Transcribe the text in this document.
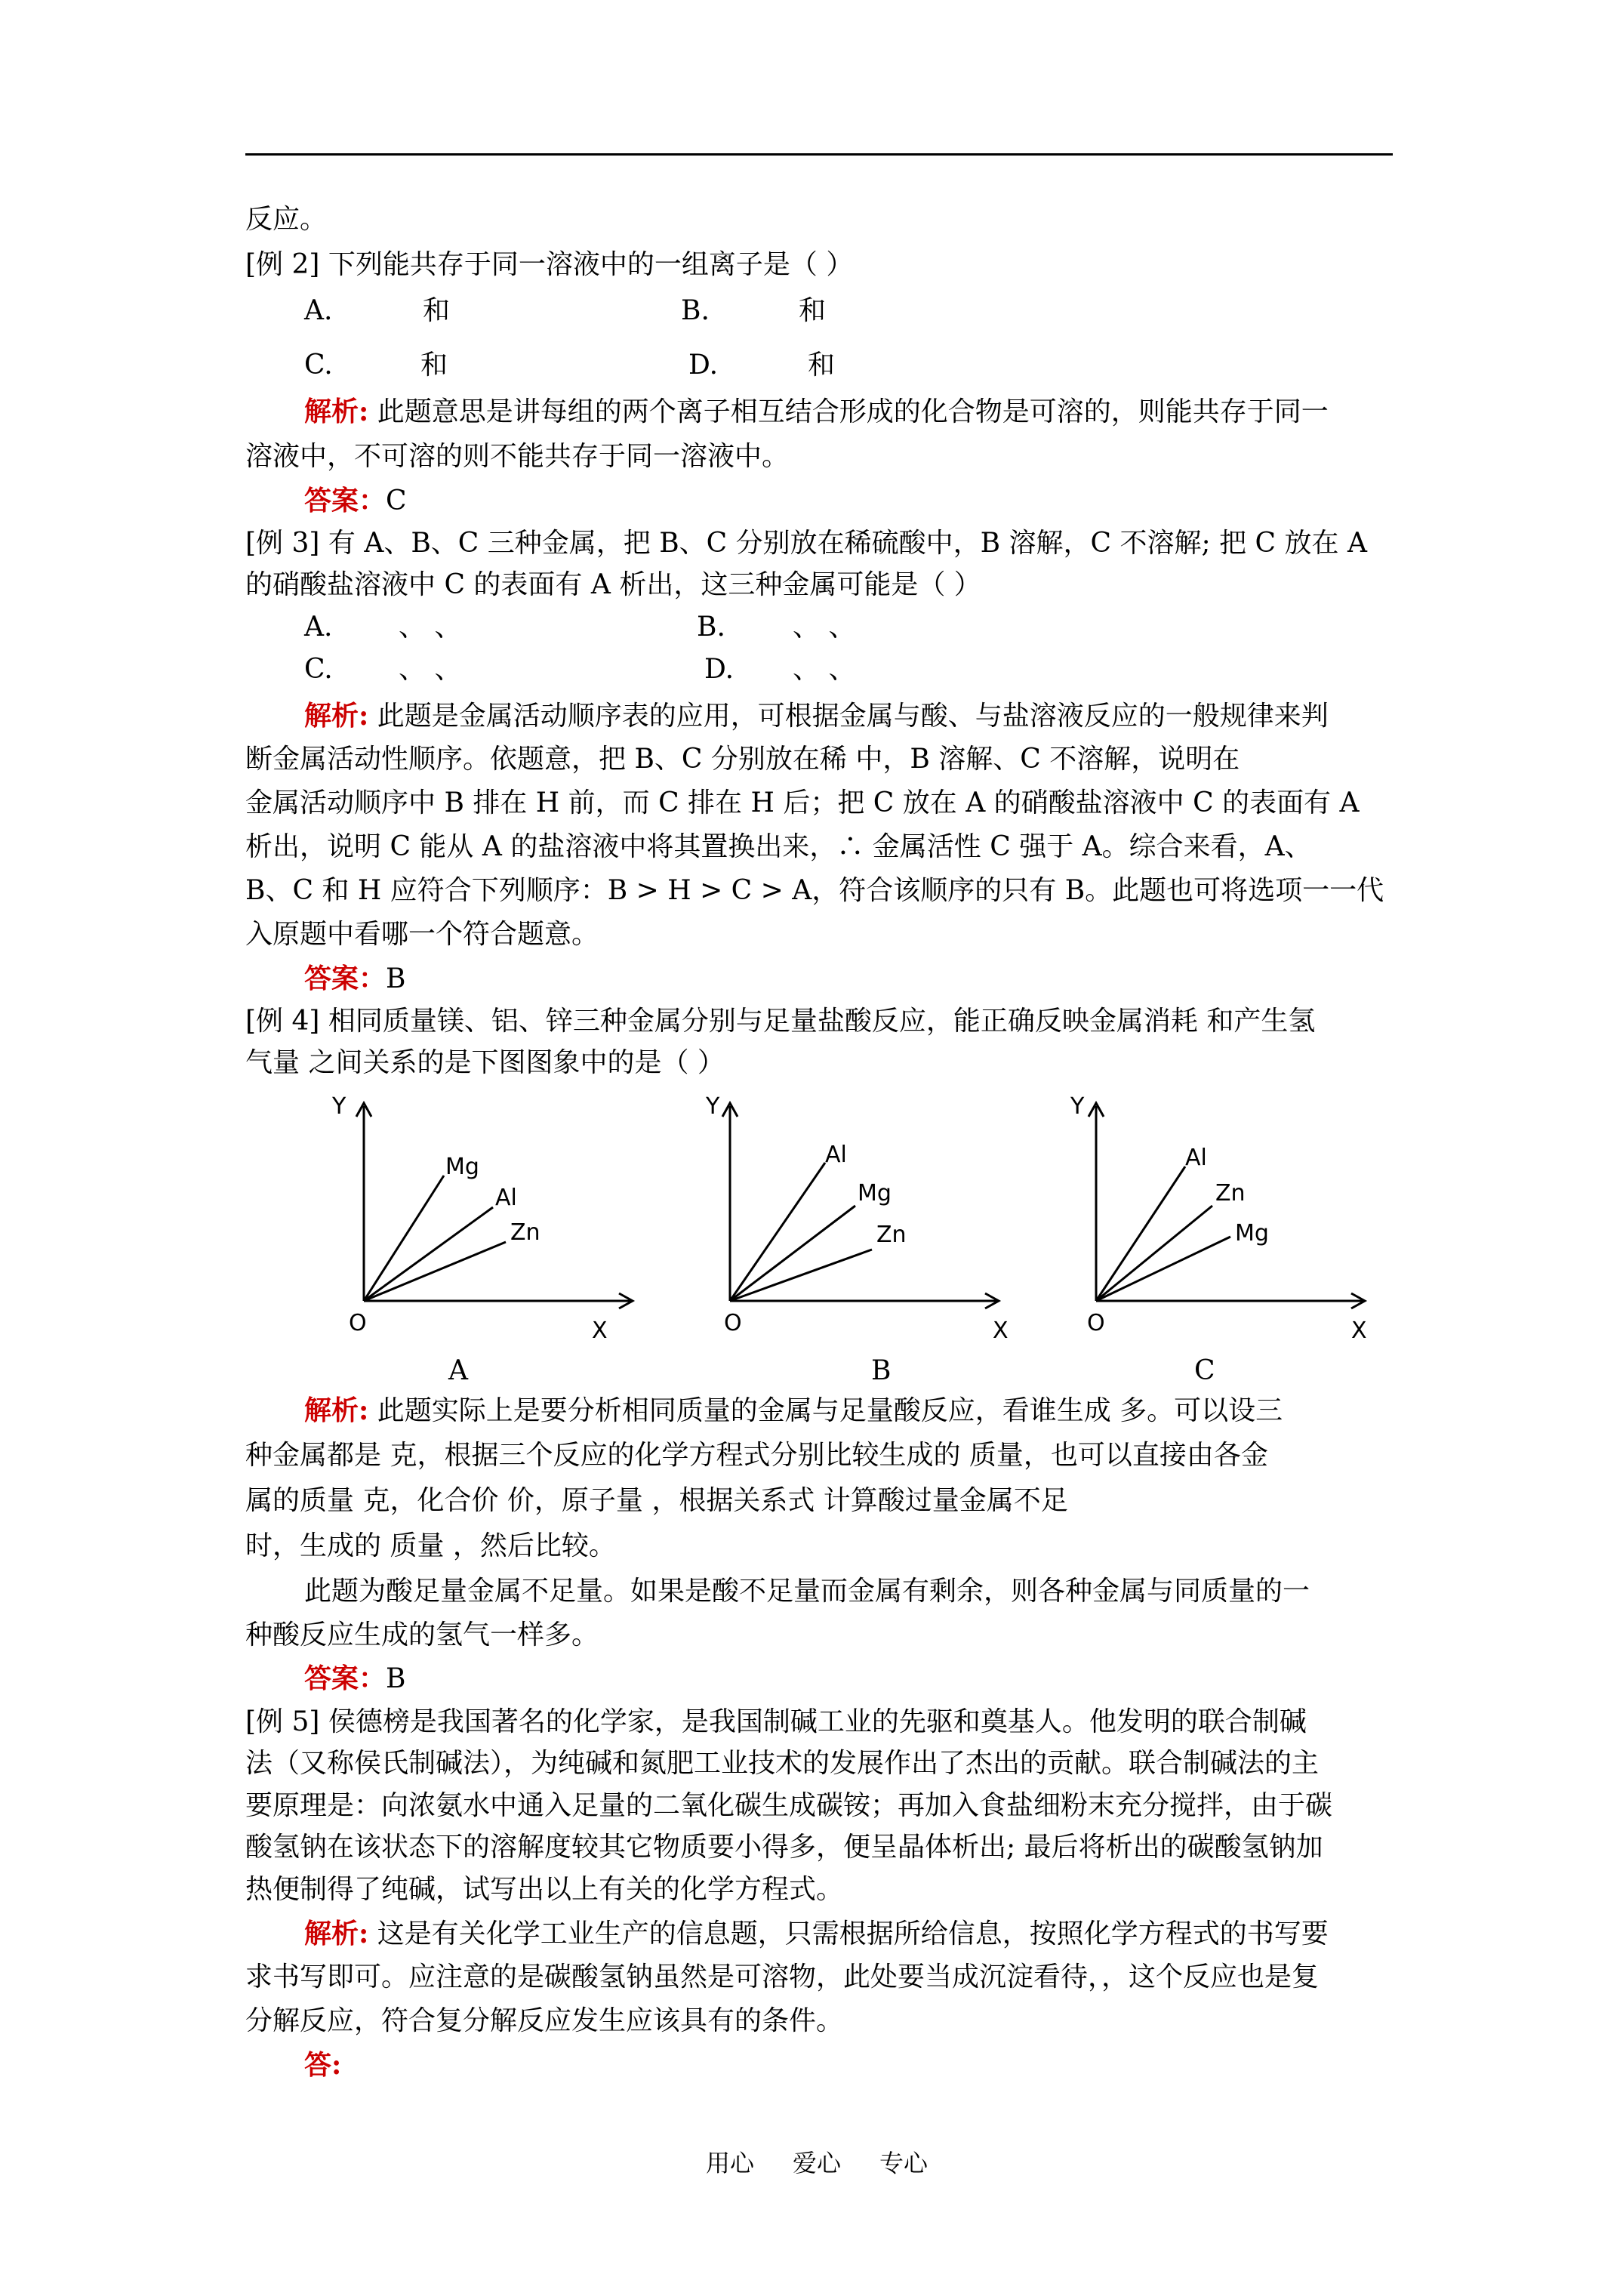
反应。
[例 2] 下列能共存于同一溶液中的一组离子是（ ）
A.	和	B.	和
C.	和	D.	和
解析: 此题意思是讲每组的两个离子相互结合形成的化合物是可溶的，则能共存于同一
溶液中，不可溶的则不能共存于同一溶液中。
答案：C
[例 3] 有 A、B、C 三种金属，把 B、C 分别放在稀硫酸中，B 溶解，C 不溶解; 把 C 放在 A
的硝酸盐溶液中 C 的表面有 A 析出，这三种金属可能是（ ）
A. 、 、	B. 、 、
C. 、 、	D. 、 、
解析: 此题是金属活动顺序表的应用，可根据金属与酸、与盐溶液反应的一般规律来判
断金属活动性顺序。依题意，把 B、C 分别放在稀 中，B 溶解、C 不溶解，说明在
金属活动顺序中 B 排在 H 前，而 C 排在 H 后；把 C 放在 A 的硝酸盐溶液中 C 的表面有 A
析出，说明 C 能从 A 的盐溶液中将其置换出来，∴ 金属活性 C 强于 A。综合来看，A、
B、C 和 H 应符合下列顺序：B > H > C > A，符合该顺序的只有 B。此题也可将选项一一代
入原题中看哪一个符合题意。
答案：B
[例 4] 相同质量镁、铝、锌三种金属分别与足量盐酸反应，能正确反映金属消耗 和产生氢
气量 之间关系的是下图图象中的是（ ）
Y
X
O
Mg
Al
Zn
A
Y
X
O
Al
Mg
Zn
B
Y
X
O
Al
Zn
Mg
C
解析: 此题实际上是要分析相同质量的金属与足量酸反应，看谁生成 多。可以设三
种金属都是 克，根据三个反应的化学方程式分别比较生成的 质量，也可以直接由各金
属的质量 克，化合价 价，原子量 ，根据关系式 计算酸过量金属不足
时，生成的 质量 ，然后比较。
此题为酸足量金属不足量。如果是酸不足量而金属有剩余，则各种金属与同质量的一
种酸反应生成的氢气一样多。
答案：B
[例 5] 侯德榜是我国著名的化学家，是我国制碱工业的先驱和奠基人。他发明的联合制碱
法（又称侯氏制碱法），为纯碱和氮肥工业技术的发展作出了杰出的贡献。联合制碱法的主
要原理是：向浓氨水中通入足量的二氧化碳生成碳铵；再加入食盐细粉末充分搅拌，由于碳
酸氢钠在该状态下的溶解度较其它物质要小得多，便呈晶体析出; 最后将析出的碳酸氢钠加
热便制得了纯碱，试写出以上有关的化学方程式。
解析: 这是有关化学工业生产的信息题，只需根据所给信息，按照化学方程式的书写要
求书写即可。应注意的是碳酸氢钠虽然是可溶物，此处要当成沉淀看待，，这个反应也是复
分解反应，符合复分解反应发生应该具有的条件。
答:
用心 爱心 专心
